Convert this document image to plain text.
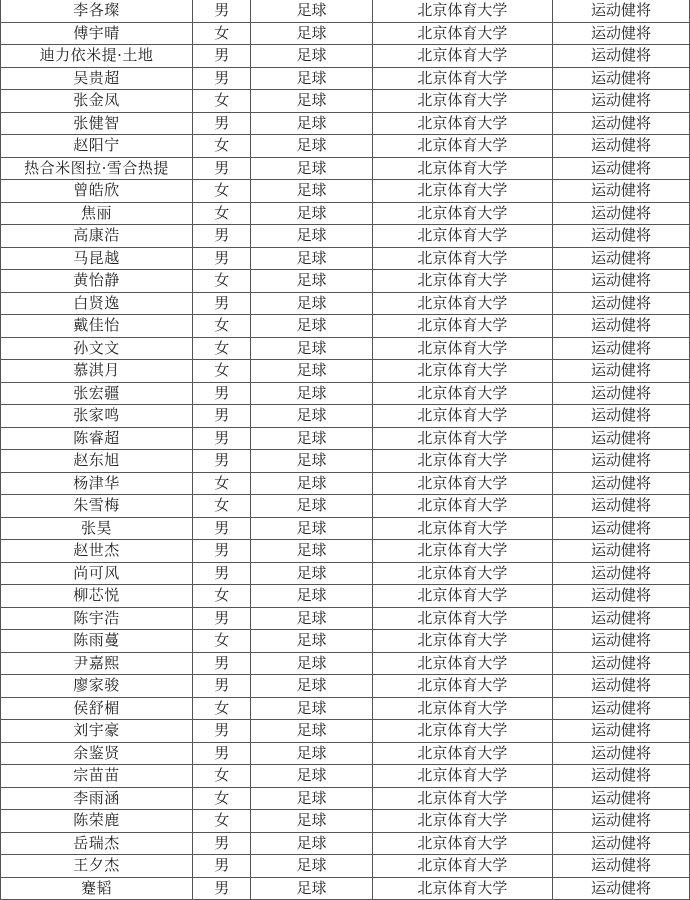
李各璨	男	足球	北京体育大学	运动健将
傅宇晴	女	足球	北京体育大学	运动健将
迪力依米提·土地	男	足球	北京体育大学	运动健将
吴贵超	男	足球	北京体育大学	运动健将
张金凤	女	足球	北京体育大学	运动健将
张健智	男	足球	北京体育大学	运动健将
赵阳宁	女	足球	北京体育大学	运动健将
热合米图拉·雪合热提	男	足球	北京体育大学	运动健将
曾皓欣	女	足球	北京体育大学	运动健将
焦丽	女	足球	北京体育大学	运动健将
高康浩	男	足球	北京体育大学	运动健将
马昆越	男	足球	北京体育大学	运动健将
黄怡静	女	足球	北京体育大学	运动健将
白贤逸	男	足球	北京体育大学	运动健将
戴佳怡	女	足球	北京体育大学	运动健将
孙文文	女	足球	北京体育大学	运动健将
慕淇月	女	足球	北京体育大学	运动健将
张宏疆	男	足球	北京体育大学	运动健将
张家鸣	男	足球	北京体育大学	运动健将
陈睿超	男	足球	北京体育大学	运动健将
赵东旭	男	足球	北京体育大学	运动健将
杨津华	女	足球	北京体育大学	运动健将
朱雪梅	女	足球	北京体育大学	运动健将
张昊	男	足球	北京体育大学	运动健将
赵世杰	男	足球	北京体育大学	运动健将
尚可风	男	足球	北京体育大学	运动健将
柳芯悦	女	足球	北京体育大学	运动健将
陈宇浩	男	足球	北京体育大学	运动健将
陈雨蔓	女	足球	北京体育大学	运动健将
尹嘉熙	男	足球	北京体育大学	运动健将
廖家骏	男	足球	北京体育大学	运动健将
侯舒楣	女	足球	北京体育大学	运动健将
刘宇豪	男	足球	北京体育大学	运动健将
余鉴贤	男	足球	北京体育大学	运动健将
宗苗苗	女	足球	北京体育大学	运动健将
李雨涵	女	足球	北京体育大学	运动健将
陈荣鹿	女	足球	北京体育大学	运动健将
岳瑞杰	男	足球	北京体育大学	运动健将
王夕杰	男	足球	北京体育大学	运动健将
蹇韬	男	足球	北京体育大学	运动健将
